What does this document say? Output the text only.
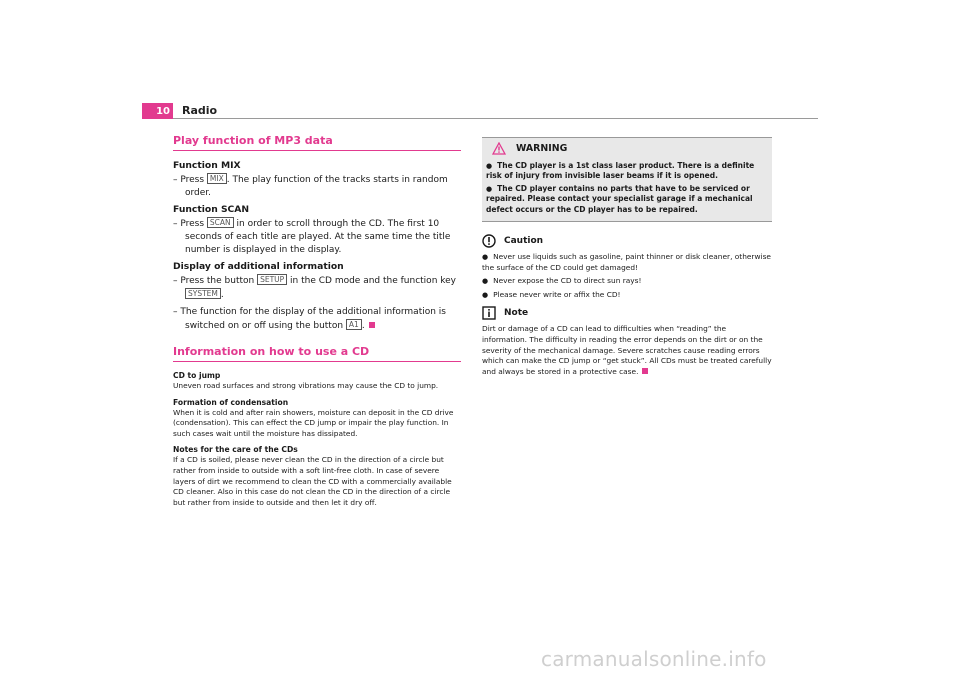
10 Radio
Play function of MP3 data
Function MIX

– Press MIX . The play function of the tracks starts in random order.

Function SCAN

– Press SCAN in order to scroll through the CD. The first 10 seconds of each title are played. At the same time the title number is displayed in the display.

Display of additional information

– Press the button SETUP in the CD mode and the function key
SYSTEM .

– The function for the display of the additional information is switched on or off using the button A1 .

Information on how to use a CD
CD to jump

Uneven road surfaces and strong vibrations may cause the CD to jump.

Formation of condensation

When it is cold and after rain showers, moisture can deposit in the CD drive (condensation). This can effect the CD jump or impair the play function. In such cases wait until the moisture has dissipated.

Notes for the care of the CDs

If a CD is soiled, please never clean the CD in the direction of a circle but rather from inside to outside with a soft lint-free cloth. In case of severe layers of dirt we recommend to clean the CD with a commercially available CD cleaner. Also in this case do not clean the CD in the direction of a circle but rather from inside to outside and then let it dry off.

WARNING

● The CD player is a 1st class laser product. There is a definite risk of injury from invisible laser beams if it is opened.

● The CD player contains no parts that have to be serviced or repaired. Please contact your specialist garage if a mechanical defect occurs or the CD player has to be repaired.

Caution

● Never use liquids such as gasoline, paint thinner or disk cleaner, otherwise the surface of the CD could get damaged!

● Never expose the CD to direct sun rays!

● Please never write or affix the CD!

Note

Dirt or damage of a CD can lead to difficulties when “reading” the information. The difficulty in reading the error depends on the dirt or on the severity of the mechanical damage. Severe scratches cause reading errors which can make the CD jump or “get stuck”. All CDs must be treated carefully and always be stored in a protective case.

carmanualsonline.info
